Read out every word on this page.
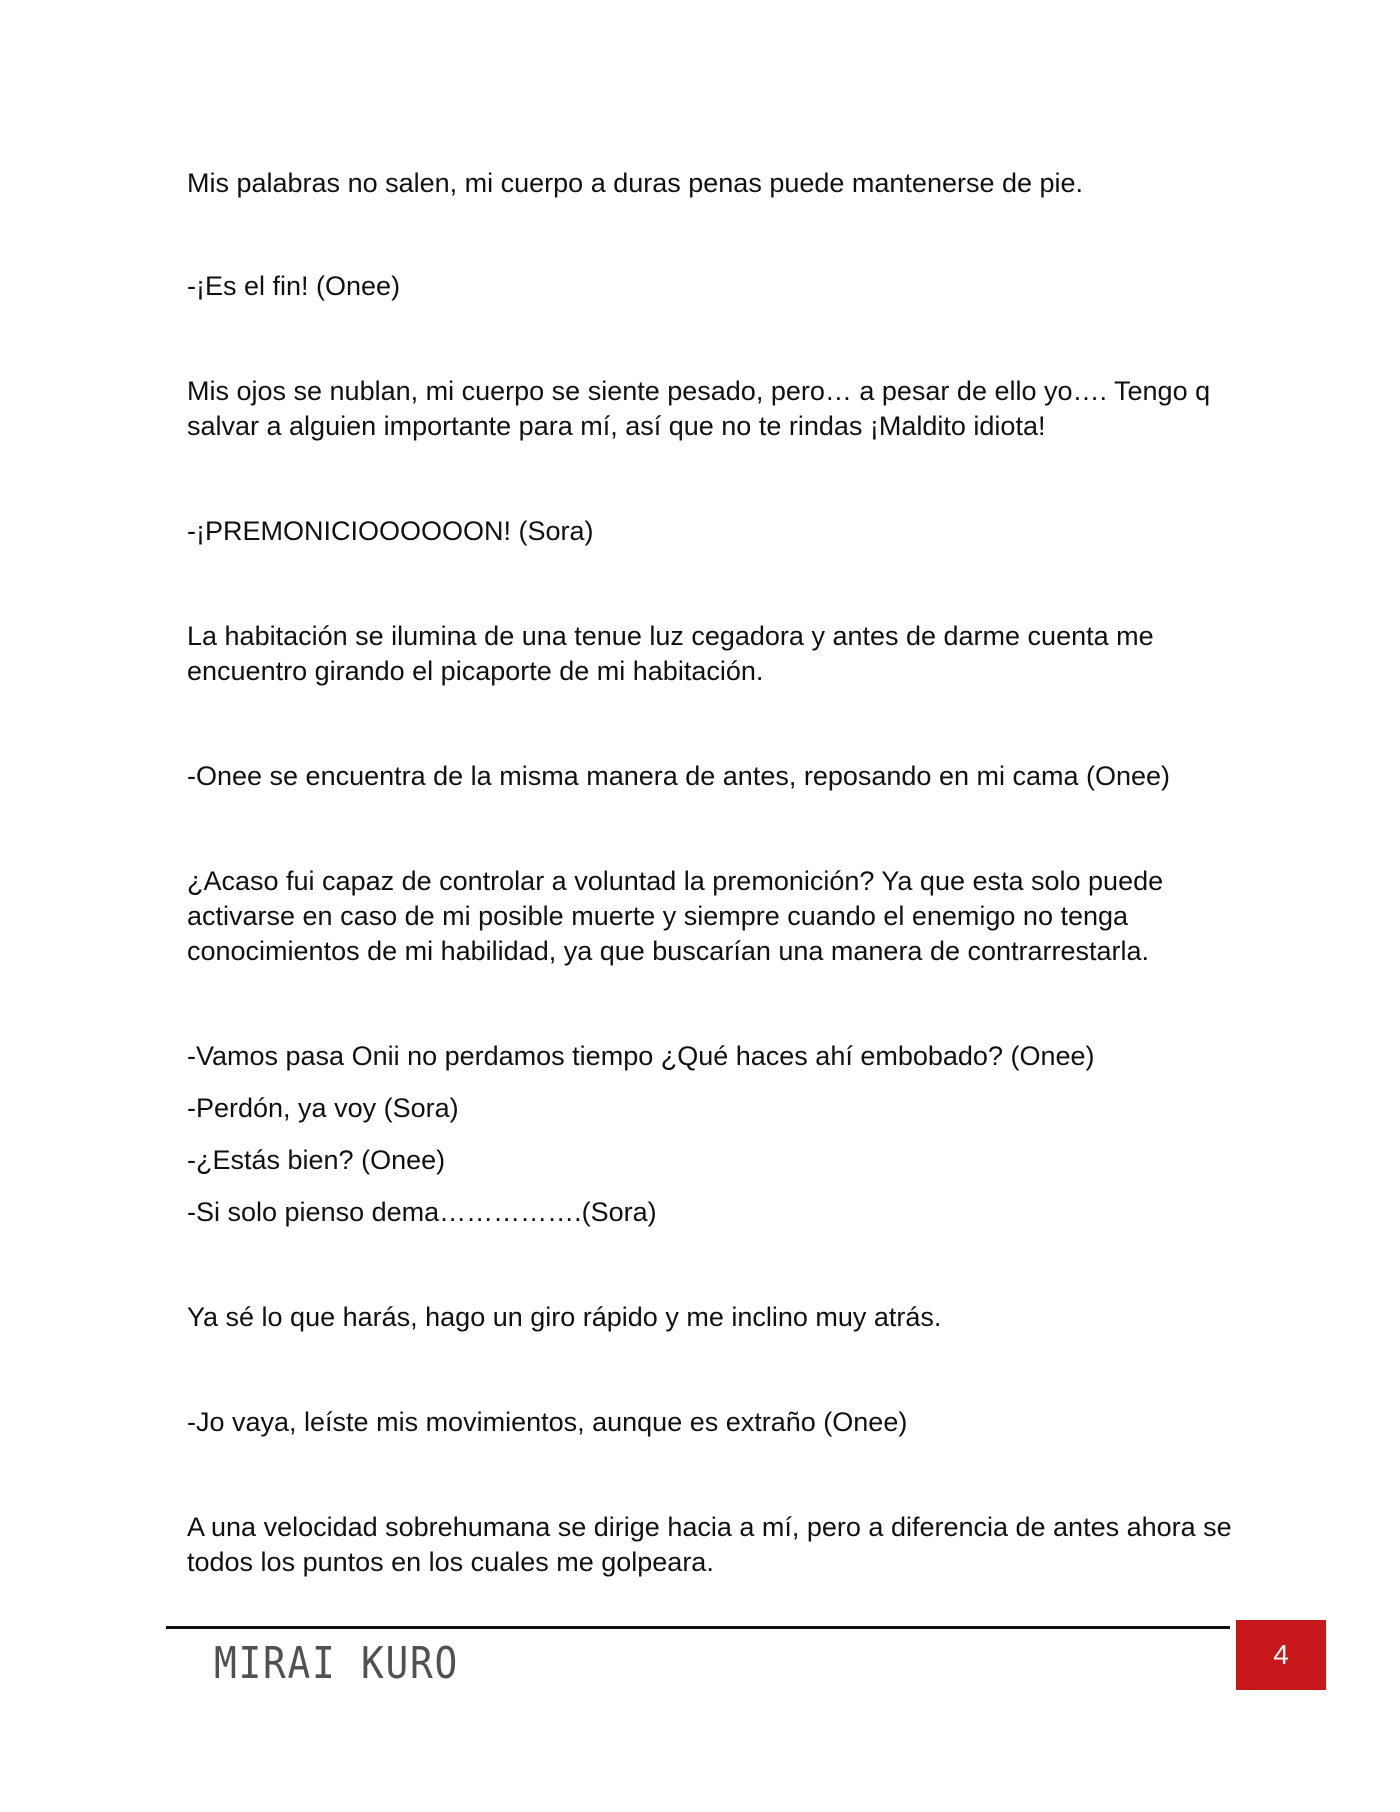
Mis palabras no salen, mi cuerpo a duras penas puede mantenerse de pie.

-¡Es el fin! (Onee)

Mis ojos se nublan, mi cuerpo se siente pesado, pero… a pesar de ello yo…. Tengo q salvar a alguien importante para mí, así que no te rindas ¡Maldito idiota!

-¡PREMONICIOOOOOON! (Sora)

La habitación se ilumina de una tenue luz cegadora y antes de darme cuenta me encuentro girando el picaporte de mi habitación.

-Onee se encuentra de la misma manera de antes, reposando en mi cama (Onee)

¿Acaso fui capaz de controlar a voluntad la premonición? Ya que esta solo puede activarse en caso de mi posible muerte y siempre cuando el enemigo no tenga conocimientos de mi habilidad, ya que buscarían una manera de contrarrestarla.

-Vamos pasa Onii no perdamos tiempo ¿Qué haces ahí embobado? (Onee)

-Perdón, ya voy (Sora)

-¿Estás bien? (Onee)

-Si solo pienso dema…………….(Sora)

Ya sé lo que harás, hago un giro rápido y me inclino muy atrás.

-Jo vaya, leíste mis movimientos, aunque es extraño (Onee)

A una velocidad sobrehumana se dirige hacia a mí, pero a diferencia de antes ahora se todos los puntos en los cuales me golpeara.

MIRAI KURO	4
